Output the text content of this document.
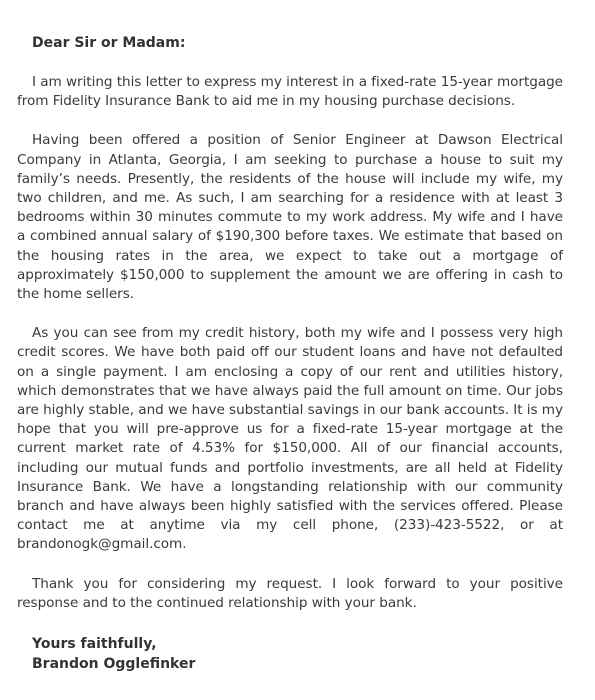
Dear Sir or Madam:

I am writing this letter to express my interest in a fixed-rate 15-year mortgage from Fidelity Insurance Bank to aid me in my housing purchase decisions.

Having been offered a position of Senior Engineer at Dawson Electrical Company in Atlanta, Georgia, I am seeking to purchase a house to suit my family’s needs. Presently, the residents of the house will include my wife, my two children, and me. As such, I am searching for a residence with at least 3 bedrooms within 30 minutes commute to my work address. My wife and I have a combined annual salary of $190,300 before taxes. We estimate that based on the housing rates in the area, we expect to take out a mortgage of approximately $150,000 to supplement the amount we are offering in cash to the home sellers.

As you can see from my credit history, both my wife and I possess very high credit scores. We have both paid off our student loans and have not defaulted on a single payment. I am enclosing a copy of our rent and utilities history, which demonstrates that we have always paid the full amount on time. Our jobs are highly stable, and we have substantial savings in our bank accounts. It is my hope that you will pre-approve us for a fixed-rate 15-year mortgage at the current market rate of 4.53% for $150,000. All of our financial accounts, including our mutual funds and portfolio investments, are all held at Fidelity Insurance Bank. We have a longstanding relationship with our community branch and have always been highly satisfied with the services offered. Please contact me at anytime via my cell phone, (233)-423-5522, or at brandonogk@gmail.com.

Thank you for considering my request. I look forward to your positive response and to the continued relationship with your bank.

Yours faithfully,
Brandon Ogglefinker
